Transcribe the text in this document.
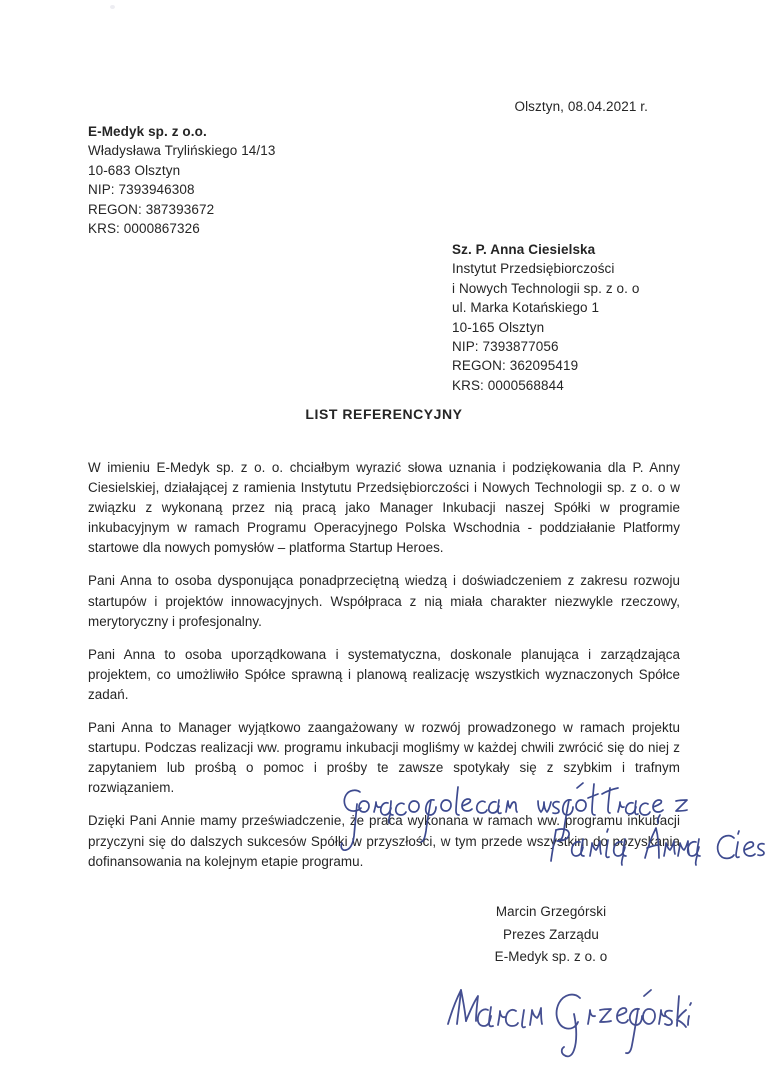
Olsztyn, 08.04.2021 r.
E-Medyk sp. z o.o.
Władysława Trylińskiego 14/13
10-683 Olsztyn
NIP: 7393946308
REGON: 387393672
KRS: 0000867326
Sz. P. Anna Ciesielska
Instytut Przedsiębiorczości
i Nowych Technologii sp. z o. o
ul. Marka Kotańskiego 1
10-165 Olsztyn
NIP: 7393877056
REGON: 362095419
KRS: 0000568844
LIST REFERENCYJNY

W imieniu E-Medyk sp. z o. o. chciałbym wyrazić słowa uznania i podziękowania dla P. Anny Ciesielskiej, działającej z ramienia Instytutu Przedsiębiorczości i Nowych Technologii sp. z o. o w związku z wykonaną przez nią pracą jako Manager Inkubacji naszej Spółki w programie inkubacyjnym w ramach Programu Operacyjnego Polska Wschodnia - poddziałanie Platformy startowe dla nowych pomysłów – platforma Startup Heroes.

Pani Anna to osoba dysponująca ponadprzeciętną wiedzą i doświadczeniem z zakresu rozwoju startupów i projektów innowacyjnych. Współpraca z nią miała charakter niezwykle rzeczowy, merytoryczny i profesjonalny.

Pani Anna to osoba uporządkowana i systematyczna, doskonale planująca i zarządzająca projektem, co umożliwiło Spółce sprawną i planową realizację wszystkich wyznaczonych Spółce zadań.

Pani Anna to Manager wyjątkowo zaangażowany w rozwój prowadzonego w ramach projektu startupu. Podczas realizacji ww. programu inkubacji mogliśmy w każdej chwili zwrócić się do niej z zapytaniem lub prośbą o pomoc i prośby te zawsze spotykały się z szybkim i trafnym rozwiązaniem.

Dzięki Pani Annie mamy przeświadczenie, że praca wykonana w ramach ww. programu inkubacji przyczyni się do dalszych sukcesów Spółki w przyszłości, w tym przede wszystkim do pozyskania dofinansowania na kolejnym etapie programu.

Marcin Grzegórski
Prezes Zarządu
E-Medyk sp. z o. o
